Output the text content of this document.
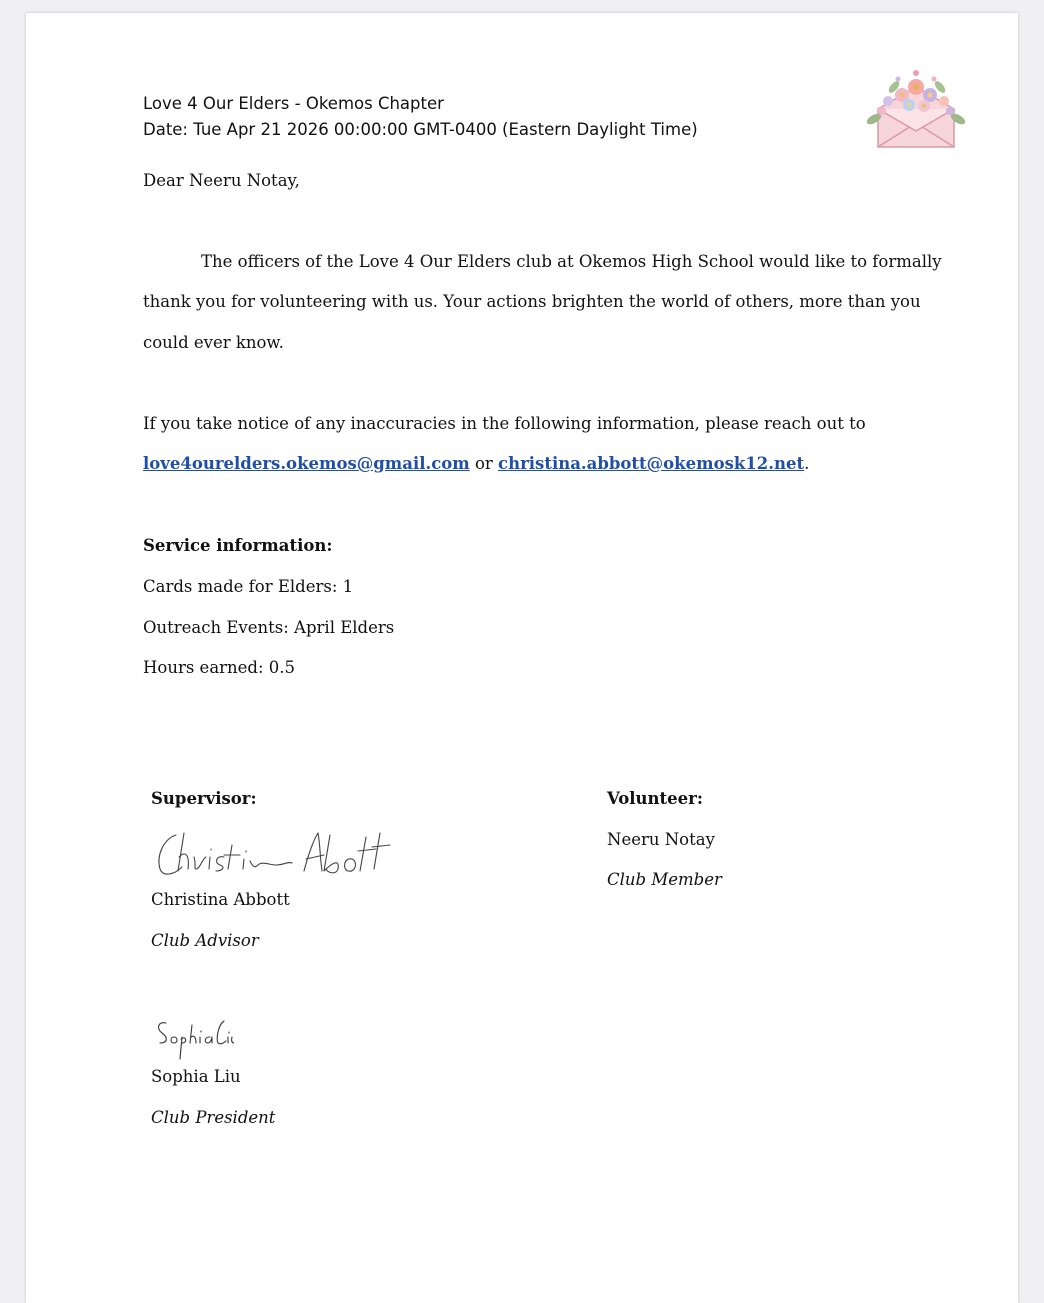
Love 4 Our Elders - Okemos Chapter
Date: Tue Apr 21 2026 00:00:00 GMT-0400 (Eastern Daylight Time)
Dear Neeru Notay,
The officers of the Love 4 Our Elders club at Okemos High School would like to formally
thank you for volunteering with us. Your actions brighten the world of others, more than you
could ever know.
If you take notice of any inaccuracies in the following information, please reach out to
love4ourelders.okemos@gmail.com or christina.abbott@okemosk12.net.
Service information:
Cards made for Elders: 1
Outreach Events: April Elders
Hours earned: 0.5
Supervisor:
Christina Abbott
Club Advisor
Volunteer:
Neeru Notay
Club Member
Sophia Liu
Club President
